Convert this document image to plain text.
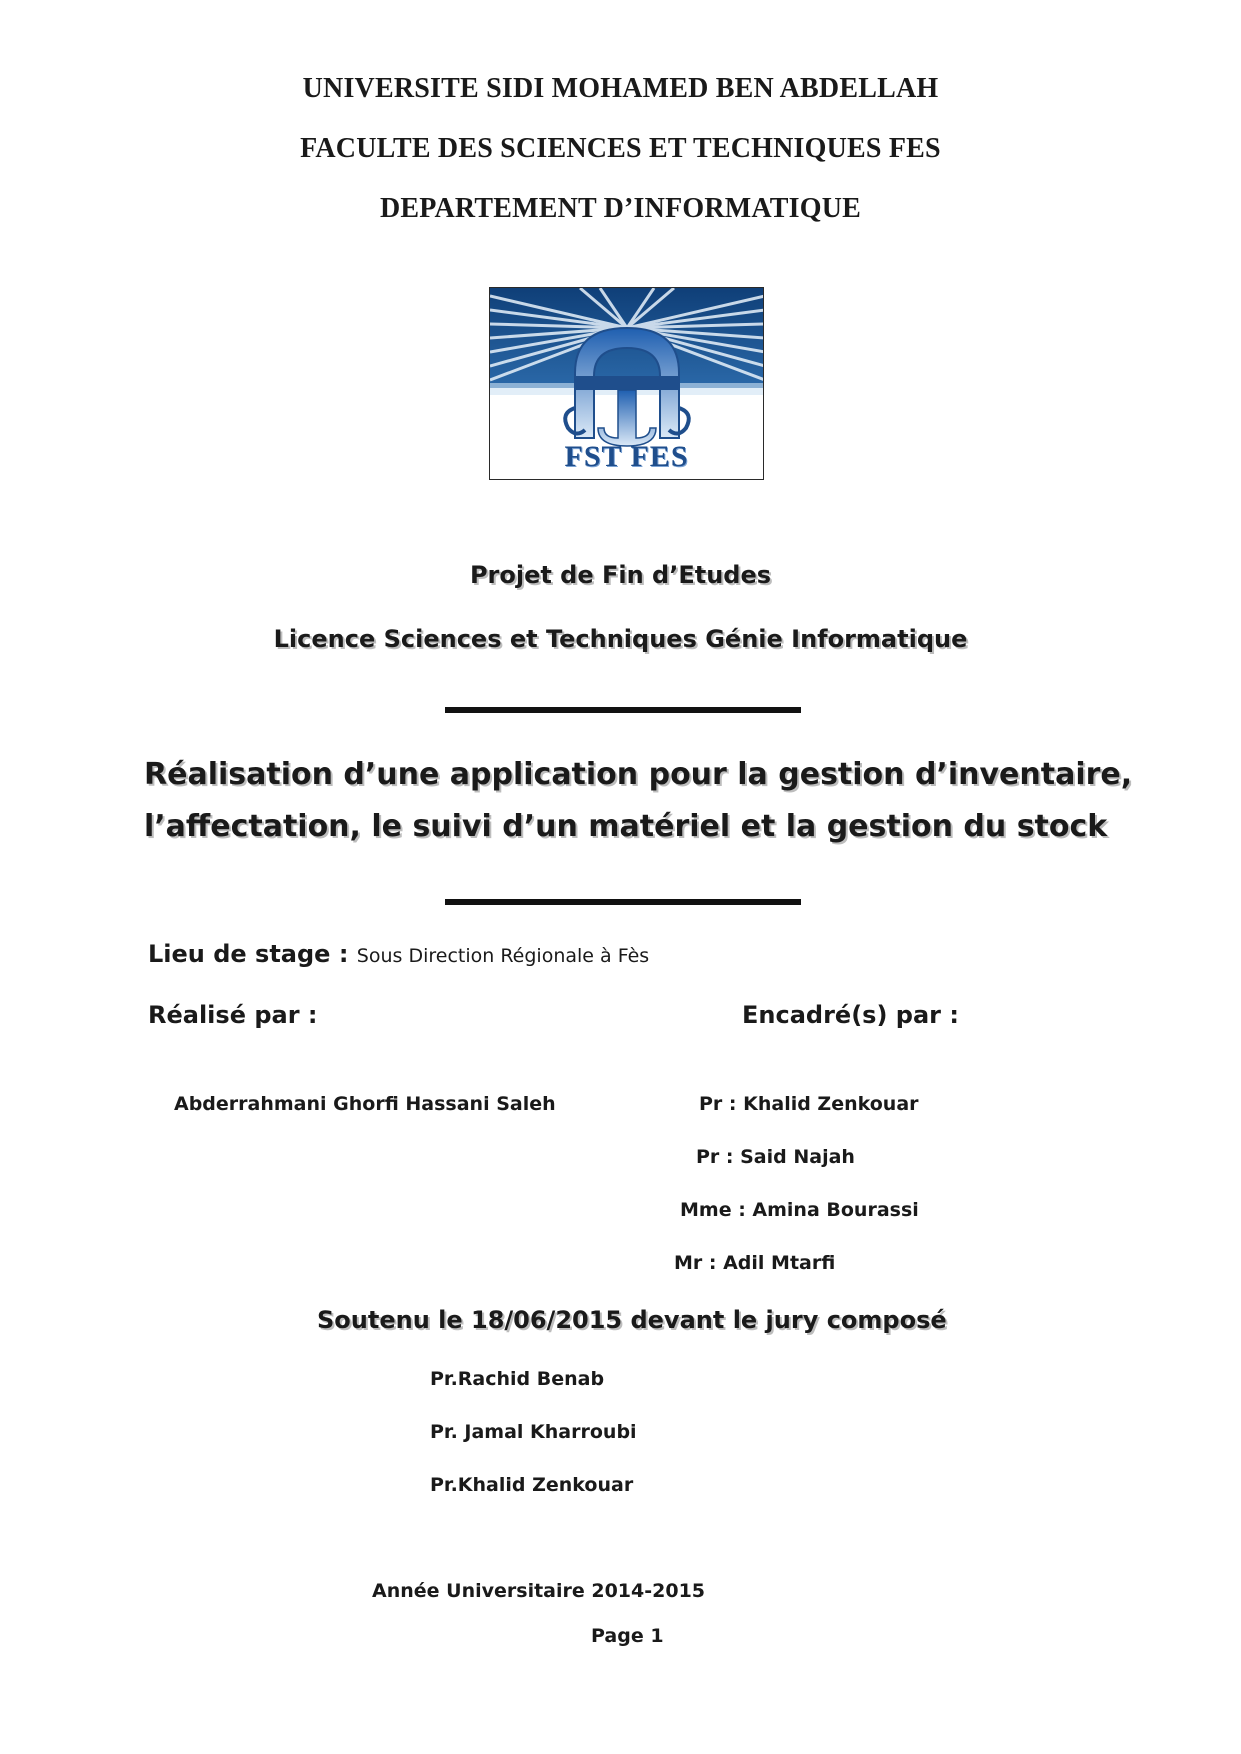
UNIVERSITE SIDI MOHAMED BEN ABDELLAH
FACULTE DES SCIENCES ET TECHNIQUES FES
DEPARTEMENT D’INFORMATIQUE
FST FES
Projet de Fin d’Etudes
Licence Sciences et Techniques Génie Informatique
Réalisation d’une application pour la gestion d’inventaire,
l’affectation, le suivi d’un matériel et la gestion du stock
Lieu de stage : Sous Direction Régionale à Fès
Réalisé par :	Encadré(s) par :
Abderrahmani Ghorfi Hassani Saleh	Pr : Khalid Zenkouar
Pr : Said Najah
Mme : Amina Bourassi
Mr : Adil Mtarfi
Soutenu le 18/06/2015 devant le jury composé
Pr.Rachid Benab
Pr. Jamal Kharroubi
Pr.Khalid Zenkouar
Année Universitaire 2014-2015
Page 1
